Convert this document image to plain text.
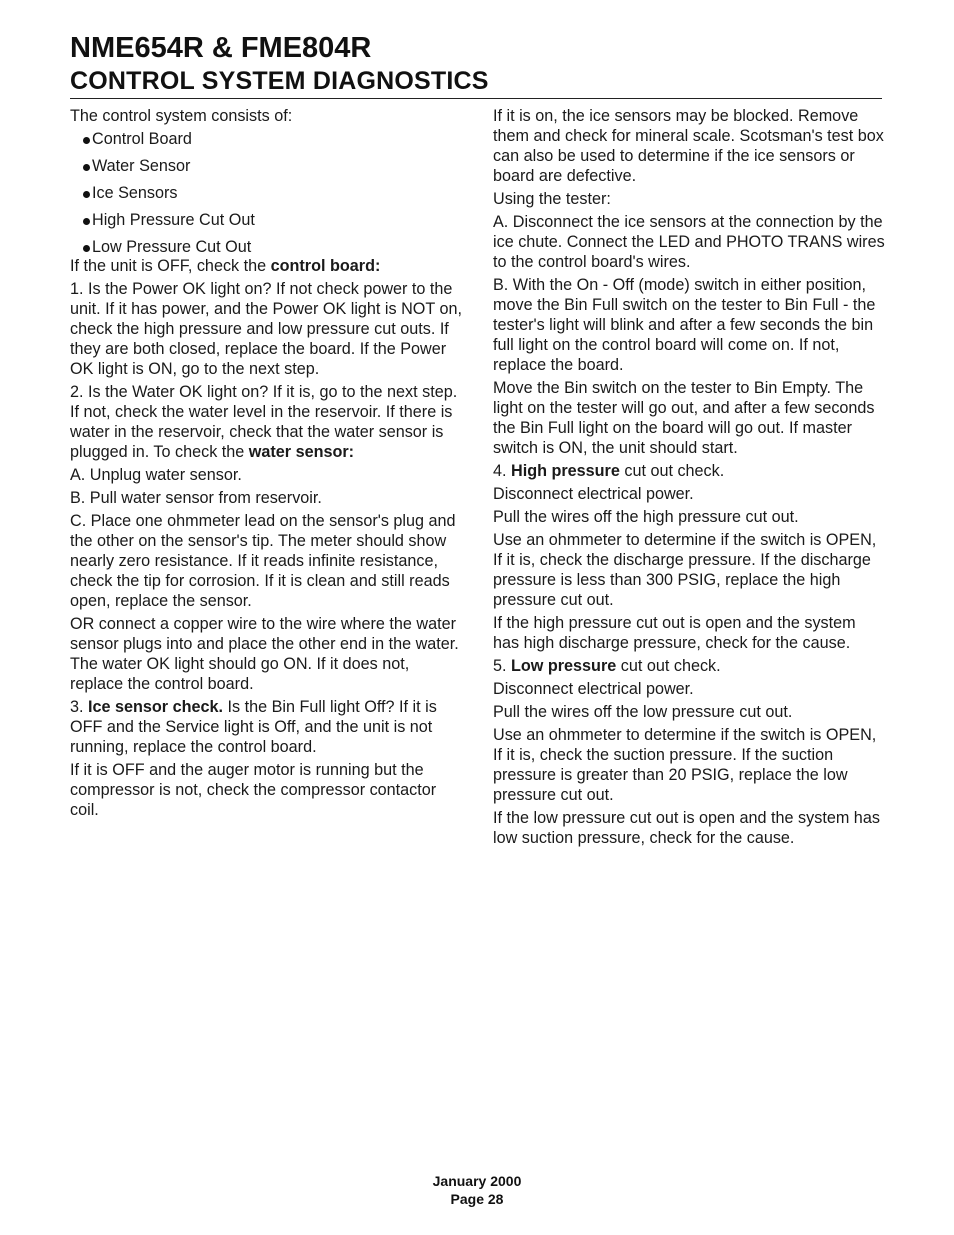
NME654R & FME804R
CONTROL SYSTEM DIAGNOSTICS

The control system consists of:

Control Board
Water Sensor
Ice Sensors
High Pressure Cut Out
Low Pressure Cut Out

If the unit is OFF, check the control board:

1. Is the Power OK light on? If not check power to the unit. If it has power, and the Power OK light is NOT on, check the high pressure and low pressure cut outs. If they are both closed, replace the board. If the Power OK light is ON, go to the next step.

2. Is the Water OK light on? If it is, go to the next step. If not, check the water level in the reservoir. If there is water in the reservoir, check that the water sensor is plugged in. To check the water sensor:

A. Unplug water sensor.

B. Pull water sensor from reservoir.

C. Place one ohmmeter lead on the sensor's plug and the other on the sensor's tip. The meter should show nearly zero resistance. If it reads infinite resistance, check the tip for corrosion. If it is clean and still reads open, replace the sensor.

OR connect a copper wire to the wire where the water sensor plugs into and place the other end in the water. The water OK light should go ON. If it does not, replace the control board.

3. Ice sensor check. Is the Bin Full light Off? If it is OFF and the Service light is Off, and the unit is not running, replace the control board.

If it is OFF and the auger motor is running but the compressor is not, check the compressor contactor coil.

If it is on, the ice sensors may be blocked. Remove them and check for mineral scale. Scotsman's test box can also be used to determine if the ice sensors or board are defective.

Using the tester:

A. Disconnect the ice sensors at the connection by the ice chute. Connect the LED and PHOTO TRANS wires to the control board's wires.

B. With the On - Off (mode) switch in either position, move the Bin Full switch on the tester to Bin Full - the tester's light will blink and after a few seconds the bin full light on the control board will come on. If not, replace the board.

Move the Bin switch on the tester to Bin Empty. The light on the tester will go out, and after a few seconds the Bin Full light on the board will go out. If master switch is ON, the unit should start.

4. High pressure cut out check.

Disconnect electrical power.

Pull the wires off the high pressure cut out.

Use an ohmmeter to determine if the switch is OPEN, If it is, check the discharge pressure. If the discharge pressure is less than 300 PSIG, replace the high pressure cut out.

If the high pressure cut out is open and the system has high discharge pressure, check for the cause.

5. Low pressure cut out check.

Disconnect electrical power.

Pull the wires off the low pressure cut out.

Use an ohmmeter to determine if the switch is OPEN, If it is, check the suction pressure. If the suction pressure is greater than 20 PSIG, replace the low pressure cut out.

If the low pressure cut out is open and the system has low suction pressure, check for the cause.

January 2000
Page 28
